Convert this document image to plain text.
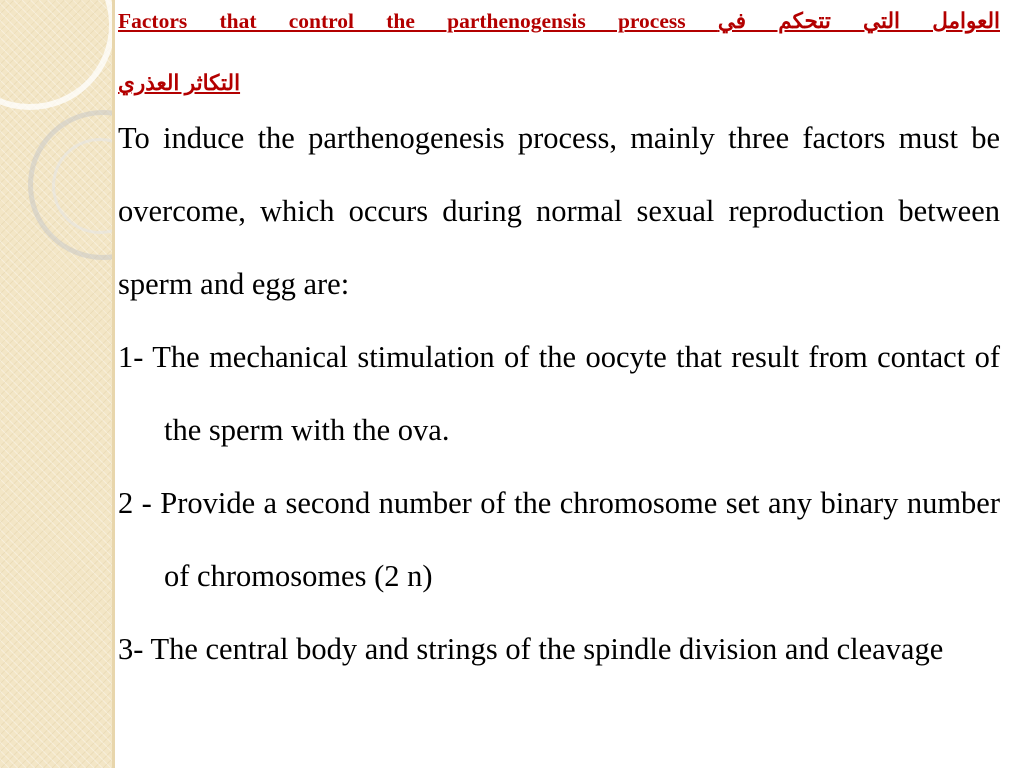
Factors that control the parthenogensis process العوامل التي تتحكم في

التكاثر العذري

To induce the parthenogenesis process, mainly three factors must be overcome, which occurs during normal sexual reproduction between sperm and egg are:

1- The mechanical stimulation of the oocyte that result from contact of the sperm with the ova.

2 - Provide a second number of the chromosome set any binary number of chromosomes (2 n)

3- The central body and strings of the spindle division and cleavage
